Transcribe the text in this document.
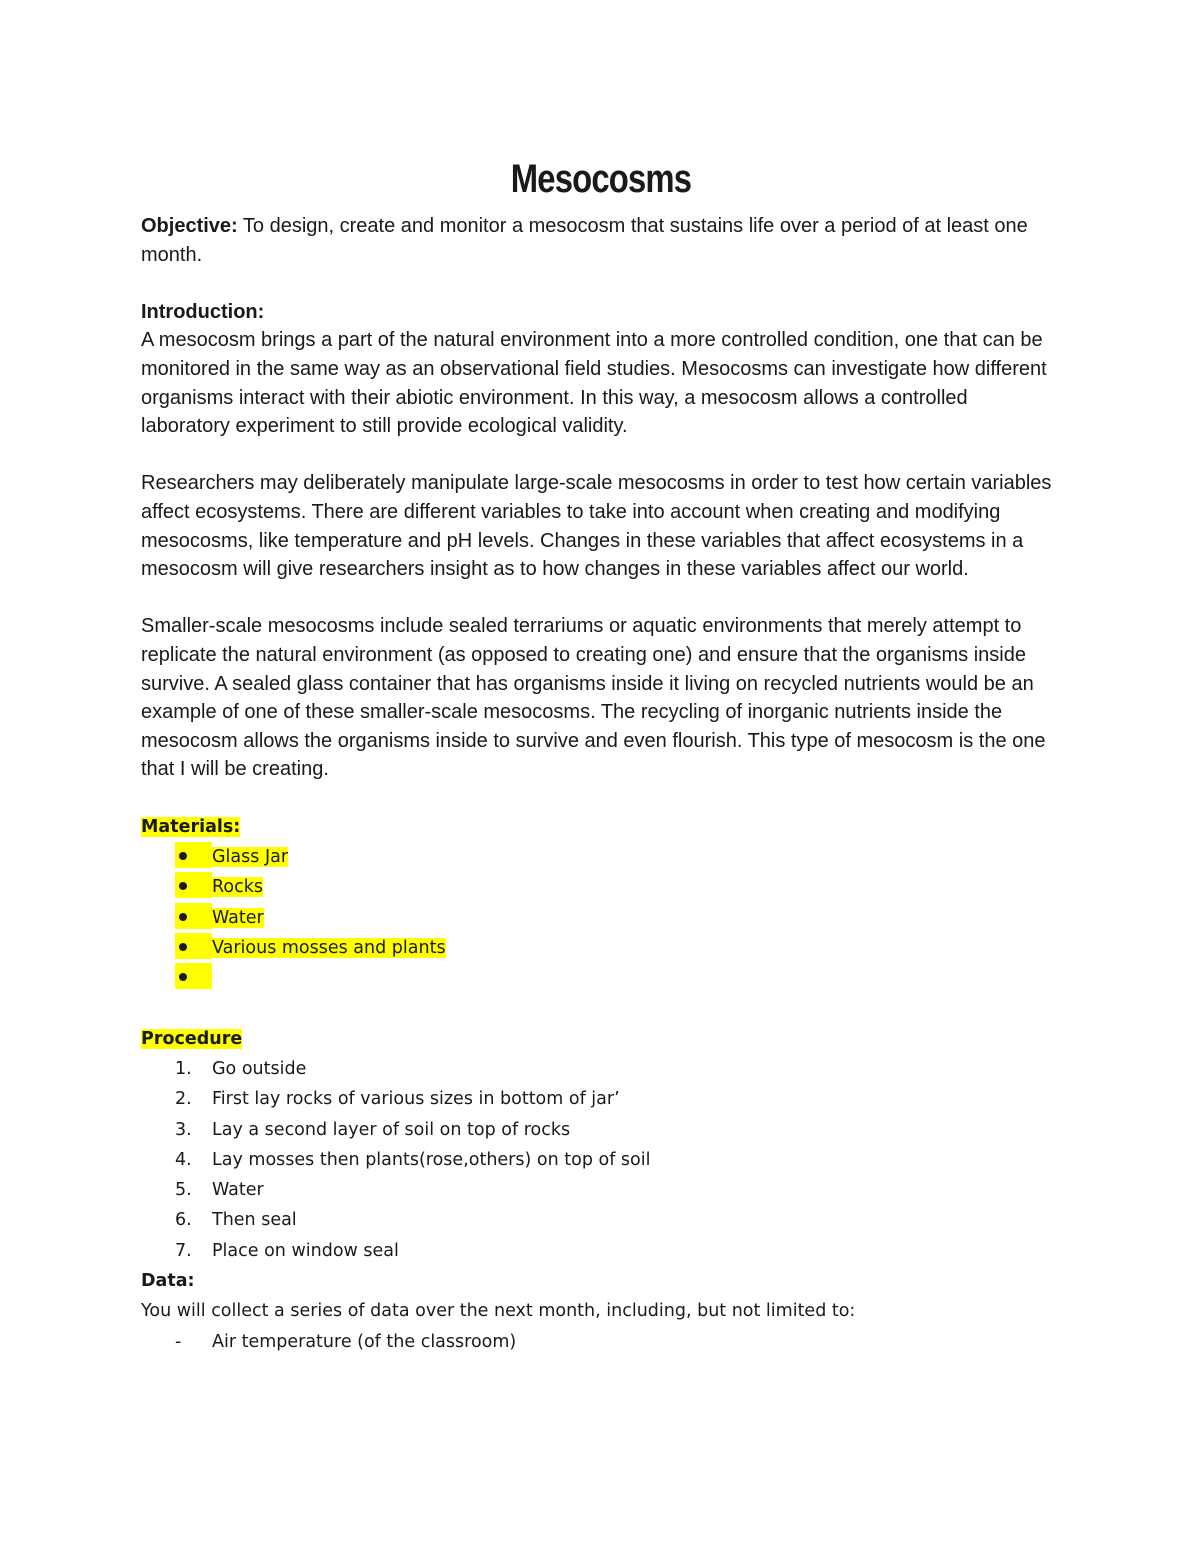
Mesocosms

Objective: To design, create and monitor a mesocosm that sustains life over a period of at least one month.

Introduction:

A mesocosm brings a part of the natural environment into a more controlled condition, one that can be monitored in the same way as an observational field studies. Mesocosms can investigate how different organisms interact with their abiotic environment. In this way, a mesocosm allows a controlled laboratory experiment to still provide ecological validity.

Researchers may deliberately manipulate large-scale mesocosms in order to test how certain variables affect ecosystems. There are different variables to take into account when creating and modifying mesocosms, like temperature and pH levels. Changes in these variables that affect ecosystems in a mesocosm will give researchers insight as to how changes in these variables affect our world.

Smaller-scale mesocosms include sealed terrariums or aquatic environments that merely attempt to replicate the natural environment (as opposed to creating one) and ensure that the organisms inside survive. A sealed glass container that has organisms inside it living on recycled nutrients would be an example of one of these smaller-scale mesocosms. The recycling of inorganic nutrients inside the mesocosm allows the organisms inside to survive and even flourish. This type of mesocosm is the one that I will be creating.

Materials:

Glass Jar
Rocks
Water
Various mosses and plants

Procedure

1.	Go outside
2.	First lay rocks of various sizes in bottom of jar’
3.	Lay a second layer of soil on top of rocks
4.	Lay mosses then plants(rose,others) on top of soil
5.	Water
6.	Then seal
7.	Place on window seal

Data:

You will collect a series of data over the next month, including, but not limited to:

- Air temperature (of the classroom)
